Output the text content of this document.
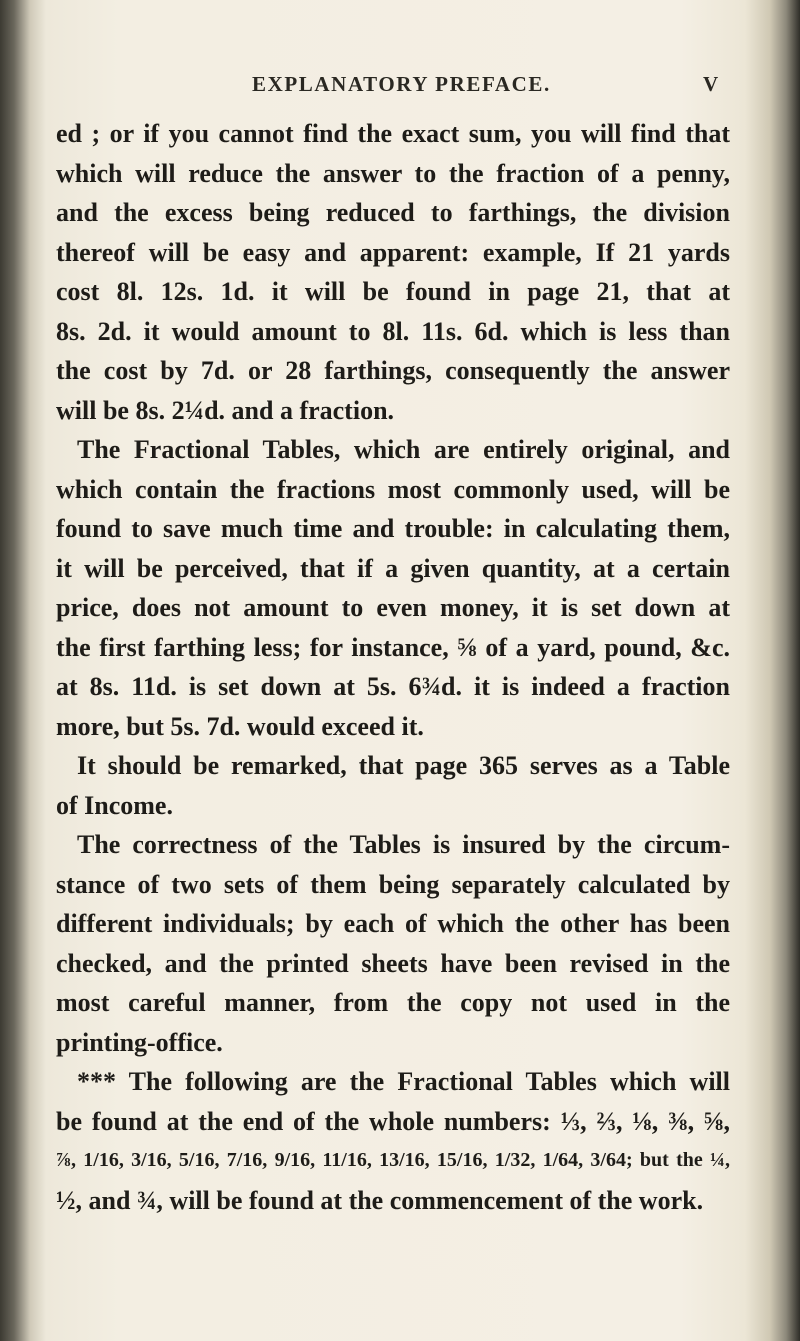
EXPLANATORY PREFACE.	V
ed ; or if you cannot find the exact sum, you will find that
which will reduce the answer to the fraction of a penny,
and the excess being reduced to farthings, the division
thereof will be easy and apparent: example, If 21 yards
cost 8l. 12s. 1d. it will be found in page 21, that at
8s. 2d. it would amount to 8l. 11s. 6d. which is less than
the cost by 7d. or 28 farthings, consequently the answer
will be 8s. 2¼d. and a fraction.
The Fractional Tables, which are entirely original, and
which contain the fractions most commonly used, will be
found to save much time and trouble: in calculating them,
it will be perceived, that if a given quantity, at a certain
price, does not amount to even money, it is set down at
the first farthing less; for instance, ⅝ of a yard, pound, &c.
at 8s. 11d. is set down at 5s. 6¾d. it is indeed a fraction
more, but 5s. 7d. would exceed it.
It should be remarked, that page 365 serves as a Table
of Income.
The correctness of the Tables is insured by the circum-
stance of two sets of them being separately calculated by
different individuals; by each of which the other has been
checked, and the printed sheets have been revised in the
most careful manner, from the copy not used in the
printing-office.
*** The following are the Fractional Tables which will
be found at the end of the whole numbers: ⅓, ⅔, ⅛, ⅜, ⅝,
⅞, 1/16, 3/16, 5/16, 7/16, 9/16, 11/16, 13/16, 15/16, 1/32, 1/64, 3/64; but the ¼,
½, and ¾, will be found at the commencement of the work.
